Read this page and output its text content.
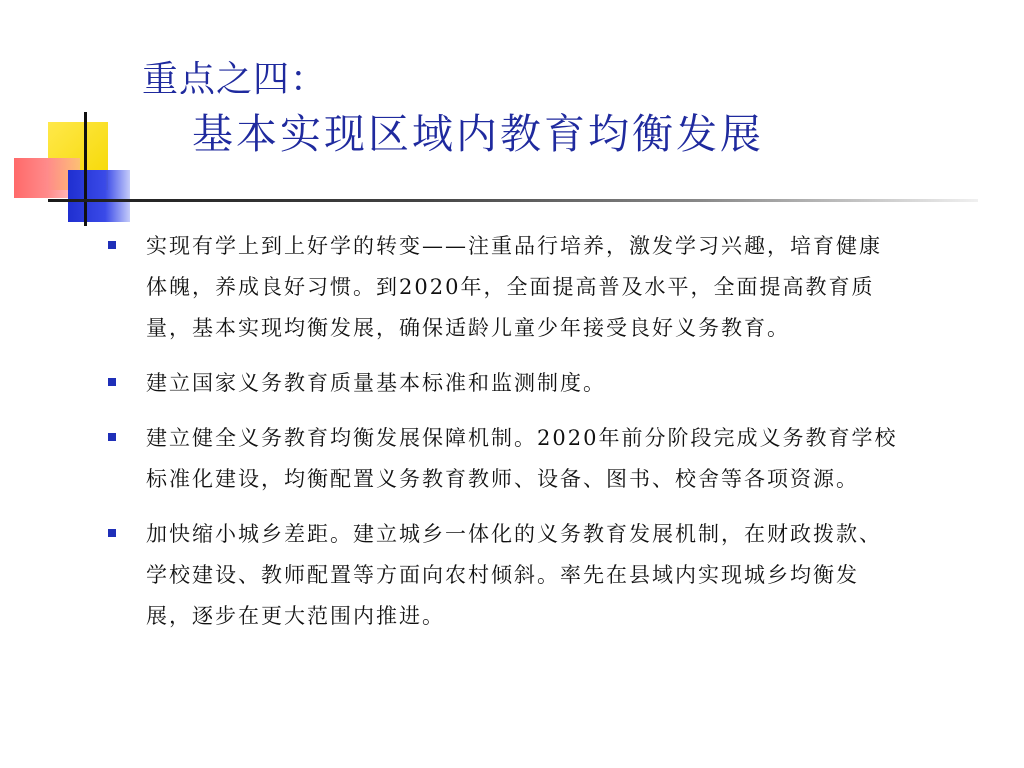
重点之四：
基本实现区域内教育均衡发展
实现有学上到上好学的转变——注重品行培养，激发学习兴趣，培育健康体魄，养成良好习惯。到2020年，全面提高普及水平，全面提高教育质量，基本实现均衡发展，确保适龄儿童少年接受良好义务教育。
建立国家义务教育质量基本标准和监测制度。
建立健全义务教育均衡发展保障机制。2020年前分阶段完成义务教育学校标准化建设，均衡配置义务教育教师、设备、图书、校舍等各项资源。
加快缩小城乡差距。建立城乡一体化的义务教育发展机制，在财政拨款、学校建设、教师配置等方面向农村倾斜。率先在县域内实现城乡均衡发展，逐步在更大范围内推进。
